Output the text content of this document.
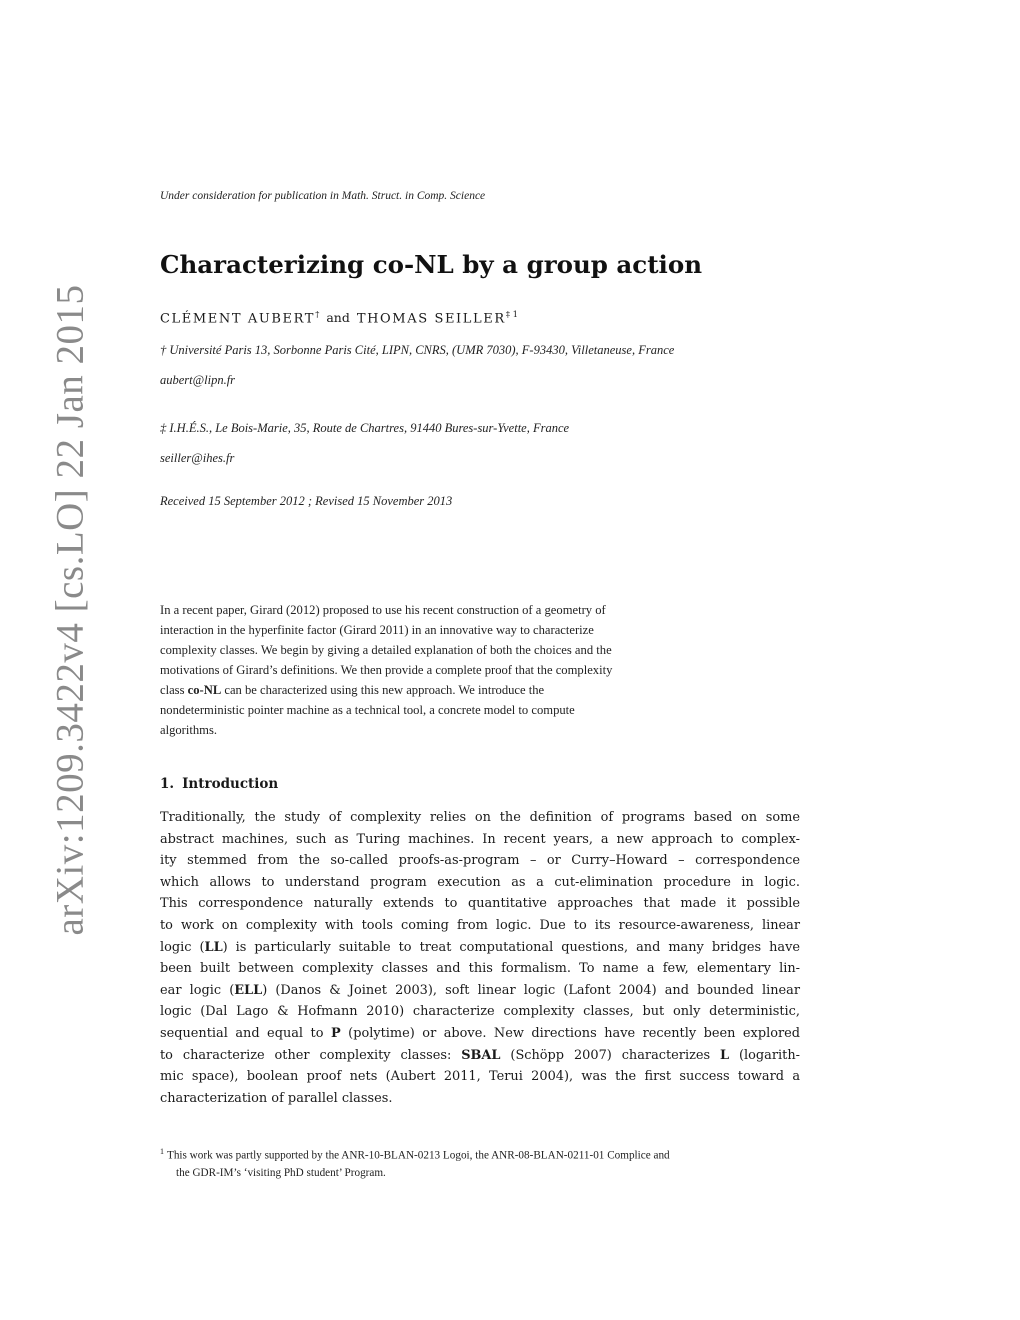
arXiv:1209.3422v4 [cs.LO] 22 Jan 2015
Under consideration for publication in Math. Struct. in Comp. Science
Characterizing co-NL by a group action
CLÉMENT AUBERT† and THOMAS SEILLER$^{\ddagger 1}$
† Université Paris 13, Sorbonne Paris Cité, LIPN, CNRS, (UMR 7030), F-93430, Villetaneuse, France
aubert@lipn.fr
‡ I.H.É.S., Le Bois-Marie, 35, Route de Chartres, 91440 Bures-sur-Yvette, France
seiller@ihes.fr
Received 15 September 2012 ; Revised 15 November 2013
In a recent paper, Girard (2012) proposed to use his recent construction of a geometry of
interaction in the hyperfinite factor (Girard 2011) in an innovative way to characterize
complexity classes. We begin by giving a detailed explanation of both the choices and the
motivations of Girard’s definitions. We then provide a complete proof that the complexity
class co-NL can be characterized using this new approach. We introduce the
nondeterministic pointer machine as a technical tool, a concrete model to compute
algorithms.
1. Introduction
Traditionally, the study of complexity relies on the definition of programs based on some
abstract machines, such as Turing machines. In recent years, a new approach to complex-
ity stemmed from the so-called proofs-as-program – or Curry–Howard – correspondence
which allows to understand program execution as a cut-elimination procedure in logic.
This correspondence naturally extends to quantitative approaches that made it possible
to work on complexity with tools coming from logic. Due to its resource-awareness, linear
logic (LL) is particularly suitable to treat computational questions, and many bridges have
been built between complexity classes and this formalism. To name a few, elementary lin-
ear logic (ELL) (Danos & Joinet 2003), soft linear logic (Lafont 2004) and bounded linear
logic (Dal Lago & Hofmann 2010) characterize complexity classes, but only deterministic,
sequential and equal to P (polytime) or above. New directions have recently been explored
to characterize other complexity classes: SBAL (Schöpp 2007) characterizes L (logarith-
mic space), boolean proof nets (Aubert 2011, Terui 2004), was the first success toward a
characterization of parallel classes.
$^1$ This work was partly supported by the ANR-10-BLAN-0213 Logoi, the ANR-08-BLAN-0211-01 Complice and
the GDR-IM’s ‘visiting PhD student’ Program.
